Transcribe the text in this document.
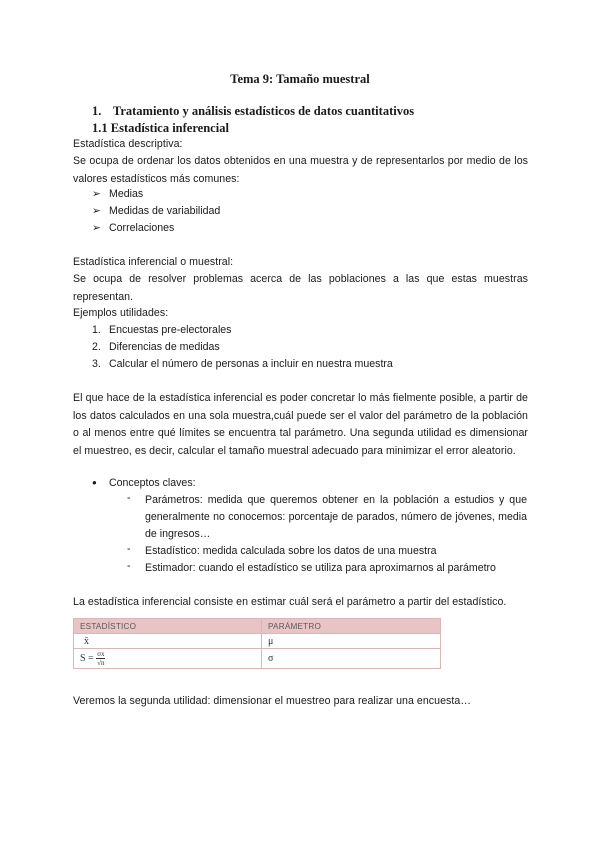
Tema 9: Tamaño muestral
1. Tratamiento y análisis estadísticos de datos cuantitativos
1.1 Estadística inferencial
Estadística descriptiva:
Se ocupa de ordenar los datos obtenidos en una muestra y de representarlos por medio de los valores estadísticos más comunes:
➢ Medias
➢ Medidas de variabilidad
➢ Correlaciones
Estadística inferencial o muestral:
Se ocupa de resolver problemas acerca de las poblaciones a las que estas muestras representan.
Ejemplos utilidades:
1. Encuestas pre-electorales
2. Diferencias de medidas
3. Calcular el número de personas a incluir en nuestra muestra
El que hace de la estadística inferencial es poder concretar lo más fielmente posible, a partir de los datos calculados en una sola muestra,cuál puede ser el valor del parámetro de la población o al menos entre qué límites se encuentra tal parámetro. Una segunda utilidad es dimensionar el muestreo, es decir, calcular el tamaño muestral adecuado para minimizar el error aleatorio.
● Conceptos claves:
- Parámetros: medida que queremos obtener en la población a estudios y que generalmente no conocemos: porcentaje de parados, número de jóvenes, media de ingresos…
- Estadístico: medida calculada sobre los datos de una muestra
- Estimador: cuando el estadístico se utiliza para aproximarnos al parámetro
La estadística inferencial consiste en estimar cuál será el parámetro a partir del estadístico.
ESTADÍSTICO	PARÁMETRO
x̄	μ
$S = \frac{\sigma x}{√n}$	σ
Veremos la segunda utilidad: dimensionar el muestreo para realizar una encuesta…
